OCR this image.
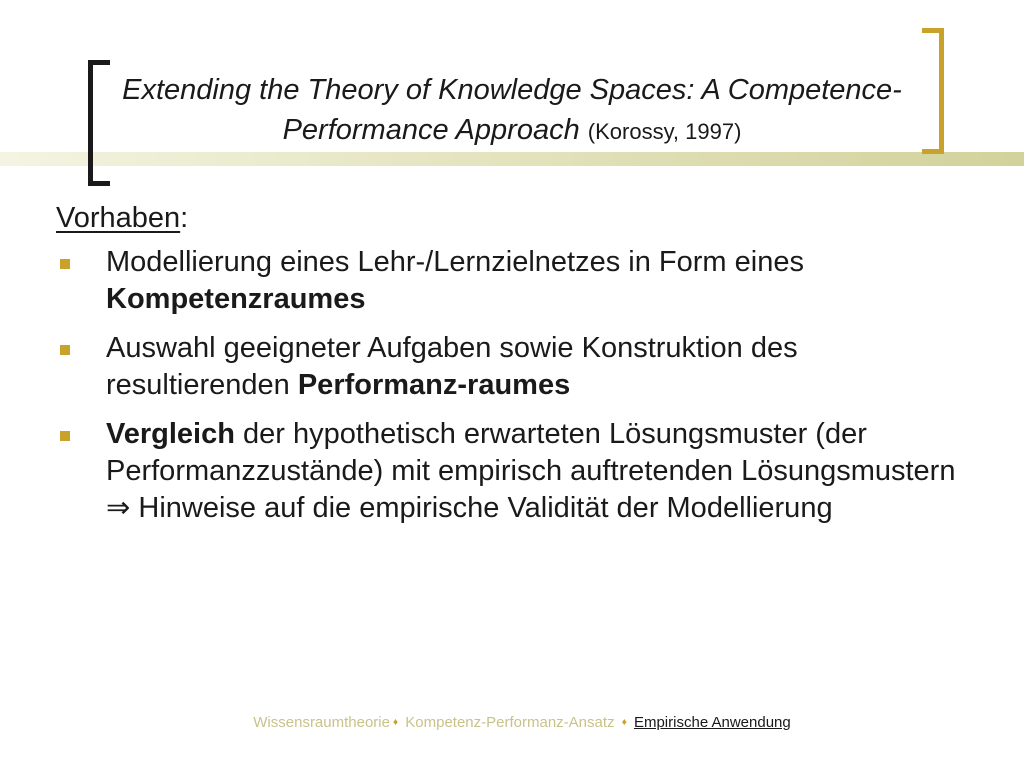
Extending the Theory of Knowledge Spaces: A Competence-Performance Approach (Korossy, 1997)
Vorhaben:
Modellierung eines Lehr-/Lernzielnetzes in Form eines Kompetenzraumes
Auswahl geeigneter Aufgaben sowie Konstruktion des resultierenden Performanz-raumes
Vergleich der hypothetisch erwarteten Lösungsmuster (der Performanzzustände) mit empirisch auftretenden Lösungsmustern ⇒ Hinweise auf die empirische Validität der Modellierung
Wissensraumtheorie ♦ Kompetenz-Performanz-Ansatz ♦ Empirische Anwendung
